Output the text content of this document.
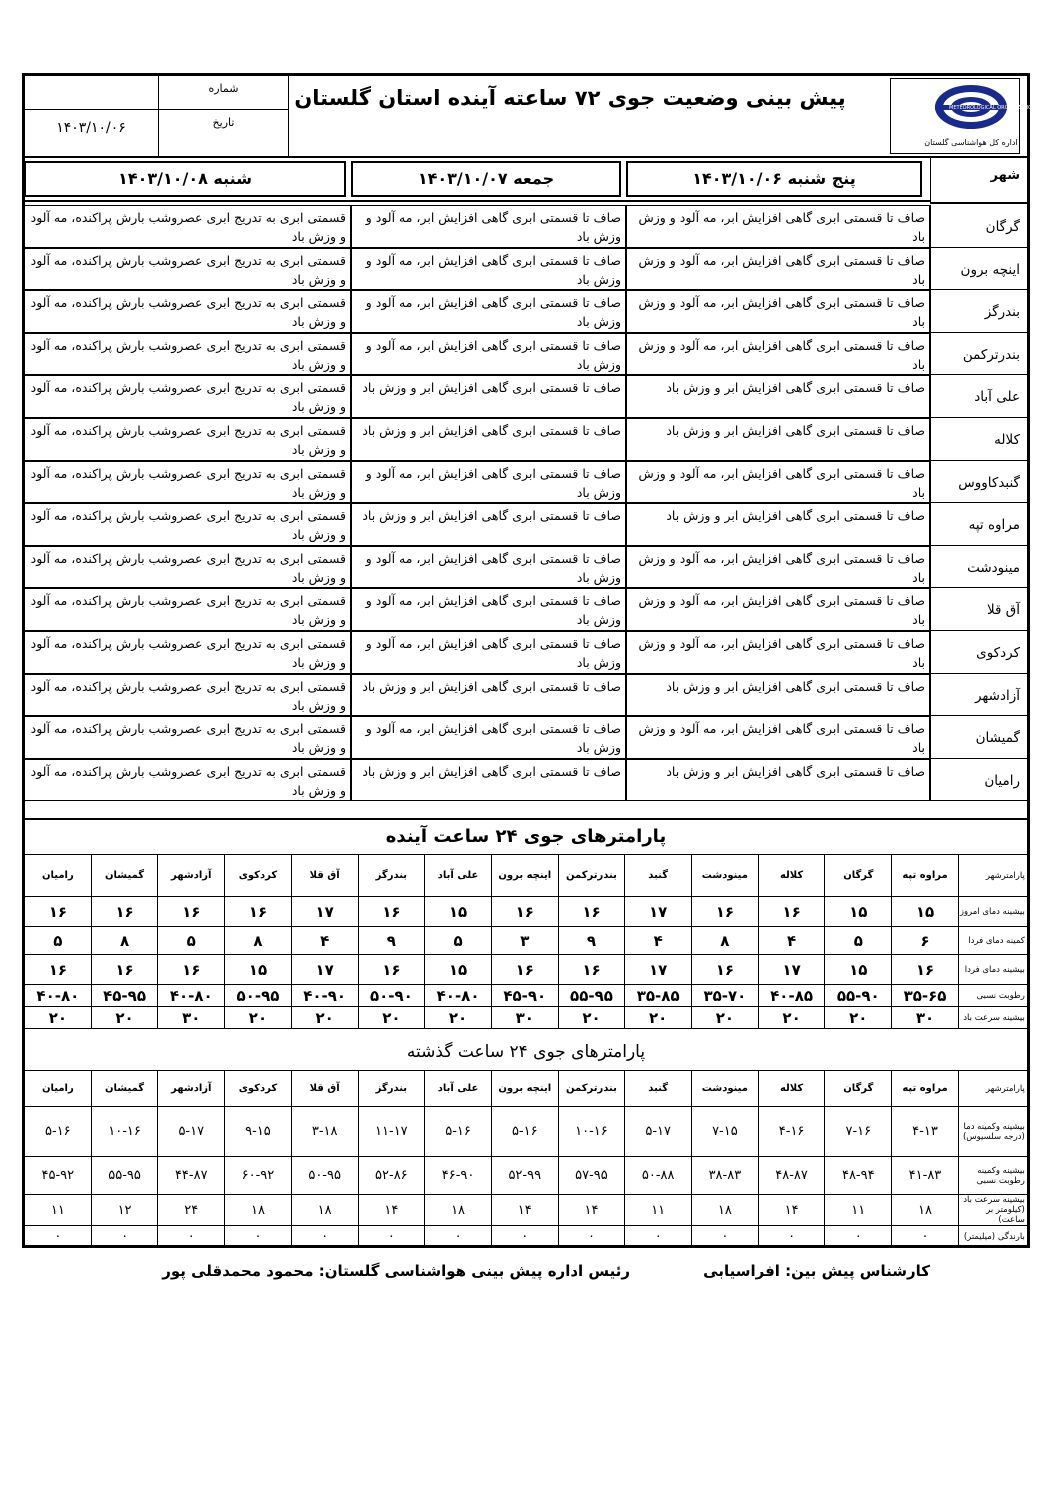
شماره
تاریخ
۱۴۰۳/۱۰/۰۶
پیش بینی وضعیت جوی ۷۲ ساعته آینده استان گلستان	METEOROLOGICAL ORGANIZATION
اداره کل هواشناسی گلستان
پنج شنبه ۱۴۰۳/۱۰/۰۶
جمعه ۱۴۰۳/۱۰/۰۷
شنبه ۱۴۰۳/۱۰/۰۸	شهر
گرگان
صاف تا قسمتی ابری گاهی افزایش ابر، مه آلود و وزش باد
صاف تا قسمتی ابری گاهی افزایش ابر، مه آلود و وزش باد
قسمتی ابری به تدریج ابری عصروشب بارش پراکنده، مه آلود و وزش باد
اینچه برون
صاف تا قسمتی ابری گاهی افزایش ابر، مه آلود و وزش باد
صاف تا قسمتی ابری گاهی افزایش ابر، مه آلود و وزش باد
قسمتی ابری به تدریج ابری عصروشب بارش پراکنده، مه آلود و وزش باد
بندرگز
صاف تا قسمتی ابری گاهی افزایش ابر، مه آلود و وزش باد
صاف تا قسمتی ابری گاهی افزایش ابر، مه آلود و وزش باد
قسمتی ابری به تدریج ابری عصروشب بارش پراکنده، مه آلود و وزش باد
بندرترکمن
صاف تا قسمتی ابری گاهی افزایش ابر، مه آلود و وزش باد
صاف تا قسمتی ابری گاهی افزایش ابر، مه آلود و وزش باد
قسمتی ابری به تدریج ابری عصروشب بارش پراکنده، مه آلود و وزش باد
علی آباد
صاف تا قسمتی ابری گاهی افزایش ابر و وزش باد
صاف تا قسمتی ابری گاهی افزایش ابر و وزش باد
قسمتی ابری به تدریج ابری عصروشب بارش پراکنده، مه آلود و وزش باد
کلاله
صاف تا قسمتی ابری گاهی افزایش ابر و وزش باد
صاف تا قسمتی ابری گاهی افزایش ابر و وزش باد
قسمتی ابری به تدریج ابری عصروشب بارش پراکنده، مه آلود و وزش باد
گنبدکاووس
صاف تا قسمتی ابری گاهی افزایش ابر، مه آلود و وزش باد
صاف تا قسمتی ابری گاهی افزایش ابر، مه آلود و وزش باد
قسمتی ابری به تدریج ابری عصروشب بارش پراکنده، مه آلود و وزش باد
مراوه تپه
صاف تا قسمتی ابری گاهی افزایش ابر و وزش باد
صاف تا قسمتی ابری گاهی افزایش ابر و وزش باد
قسمتی ابری به تدریج ابری عصروشب بارش پراکنده، مه آلود و وزش باد
مینودشت
صاف تا قسمتی ابری گاهی افزایش ابر، مه آلود و وزش باد
صاف تا قسمتی ابری گاهی افزایش ابر، مه آلود و وزش باد
قسمتی ابری به تدریج ابری عصروشب بارش پراکنده، مه آلود و وزش باد
آق قلا
صاف تا قسمتی ابری گاهی افزایش ابر، مه آلود و وزش باد
صاف تا قسمتی ابری گاهی افزایش ابر، مه آلود و وزش باد
قسمتی ابری به تدریج ابری عصروشب بارش پراکنده، مه آلود و وزش باد
کردکوی
صاف تا قسمتی ابری گاهی افزایش ابر، مه آلود و وزش باد
صاف تا قسمتی ابری گاهی افزایش ابر، مه آلود و وزش باد
قسمتی ابری به تدریج ابری عصروشب بارش پراکنده، مه آلود و وزش باد
آزادشهر
صاف تا قسمتی ابری گاهی افزایش ابر و وزش باد
صاف تا قسمتی ابری گاهی افزایش ابر و وزش باد
قسمتی ابری به تدریج ابری عصروشب بارش پراکنده، مه آلود و وزش باد
گمیشان
صاف تا قسمتی ابری گاهی افزایش ابر، مه آلود و وزش باد
صاف تا قسمتی ابری گاهی افزایش ابر، مه آلود و وزش باد
قسمتی ابری به تدریج ابری عصروشب بارش پراکنده، مه آلود و وزش باد
رامیان
صاف تا قسمتی ابری گاهی افزایش ابر و وزش باد
صاف تا قسمتی ابری گاهی افزایش ابر و وزش باد
قسمتی ابری به تدریج ابری عصروشب بارش پراکنده، مه آلود و وزش باد
پارامترهای جوی ۲۴ ساعت آینده
پارامترشهر	مراوه تپه	گرگان	کلاله	مینودشت	گنبد	بندرترکمن	اینچه برون	علی آباد	بندرگز	آق قلا	کردکوی	آزادشهر	گمیشان	رامیان
بیشینه دمای امروز	۱۵	۱۵	۱۶	۱۶	۱۷	۱۶	۱۶	۱۵	۱۶	۱۷	۱۶	۱۶	۱۶	۱۶
کمینه دمای فردا	۶	۵	۴	۸	۴	۹	۳	۵	۹	۴	۸	۵	۸	۵
بیشینه دمای فردا	۱۶	۱۵	۱۷	۱۶	۱۷	۱۶	۱۶	۱۵	۱۶	۱۷	۱۵	۱۶	۱۶	۱۶
رطوبت نسبی	۳۵-۶۵	۵۵-۹۰	۴۰-۸۵	۳۵-۷۰	۳۵-۸۵	۵۵-۹۵	۴۵-۹۰	۴۰-۸۰	۵۰-۹۰	۴۰-۹۰	۵۰-۹۵	۴۰-۸۰	۴۵-۹۵	۴۰-۸۰
بیشینه سرعت باد	۳۰	۲۰	۲۰	۲۰	۲۰	۲۰	۳۰	۲۰	۲۰	۲۰	۲۰	۳۰	۲۰	۲۰
پارامترهای جوی ۲۴ ساعت گذشته
پارامترشهر	مراوه تپه	گرگان	کلاله	مینودشت	گنبد	بندرترکمن	اینچه برون	علی آباد	بندرگز	آق قلا	کردکوی	آزادشهر	گمیشان	رامیان
بیشینه وکمینه دما (درجه سلسیوس)	۴-۱۳	۷-۱۶	۴-۱۶	۷-۱۵	۵-۱۷	۱۰-۱۶	۵-۱۶	۵-۱۶	۱۱-۱۷	۳-۱۸	۹-۱۵	۵-۱۷	۱۰-۱۶	۵-۱۶
بیشینه وکمینه رطوبت نسبی	۴۱-۸۳	۴۸-۹۴	۴۸-۸۷	۳۸-۸۳	۵۰-۸۸	۵۷-۹۵	۵۲-۹۹	۴۶-۹۰	۵۲-۸۶	۵۰-۹۵	۶۰-۹۲	۴۴-۸۷	۵۵-۹۵	۴۵-۹۲
بیشینه سرعت باد (کیلومتر بر ساعت)	۱۸	۱۱	۱۴	۱۸	۱۱	۱۴	۱۴	۱۸	۱۴	۱۸	۱۸	۲۴	۱۲	۱۱
بارندگی (میلیمتر)	۰	۰	۰	۰	۰	۰	۰	۰	۰	۰	۰	۰	۰	۰
کارشناس پیش بین: افراسیابی
رئیس اداره پیش بینی هواشناسی گلستان: محمود محمدقلی پور
